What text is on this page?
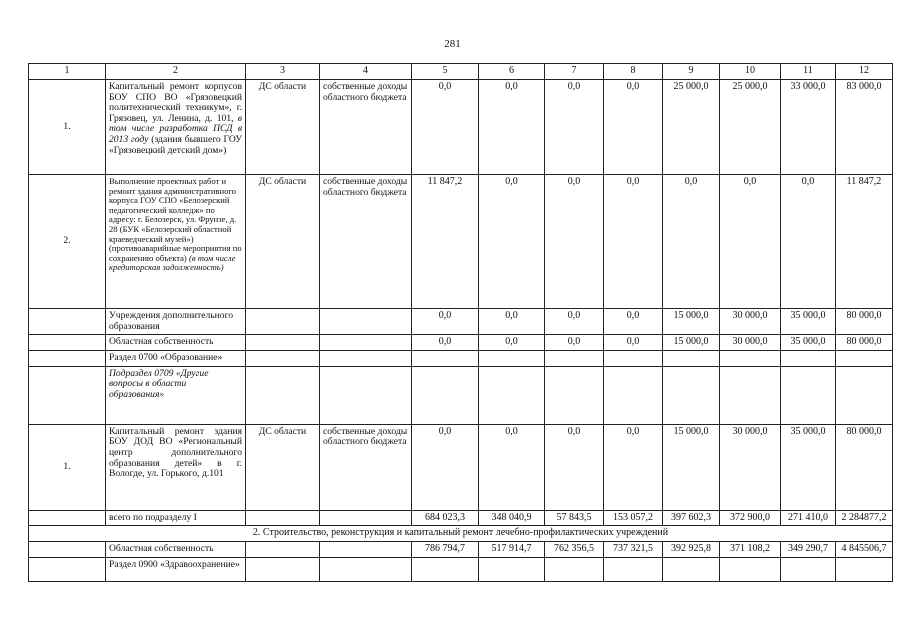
281
1	2	3	4	5	6	7	8	9	10	11	12
1.	Капитальный ремонт корпусов БОУ СПО ВО «Грязовецкий политехнический техникум», г. Грязовец, ул. Ленина, д. 101, в том числе разработка ПСД в 2013 году (здания бывшего ГОУ «Грязовецкий детский дом»)	ДС области	собственные доходы областного бюджета	0,0	0,0	0,0	0,0	25 000,0	25 000,0	33 000,0	83 000,0
2.	Выполнение проектных работ и ремонт здания административного корпуса ГОУ СПО «Белозерский педагогический колледж» по адресу: г. Белозерск, ул. Фрунзе, д. 28 (БУК «Белозерский областной краеведческий музей») (противоаварийные мероприятия по сохранению объекта) (в том числе кредиторская задолженность)	ДС области	собственные доходы областного бюджета	11 847,2	0,0	0,0	0,0	0,0	0,0	0,0	11 847,2
	Учреждения дополнительного образования			0,0	0,0	0,0	0,0	15 000,0	30 000,0	35 000,0	80 000,0
	Областная собственность			0,0	0,0	0,0	0,0	15 000,0	30 000,0	35 000,0	80 000,0
	Раздел 0700 «Образование»										
	Подраздел 0709 «Другие вопросы в области образования»										
1.	Капитальный ремонт здания БОУ ДОД ВО «Региональный центр дополнительного образования детей» в г. Вологде, ул. Горького, д.101	ДС области	собственные доходы областного бюджета	0,0	0,0	0,0	0,0	15 000,0	30 000,0	35 000,0	80 000,0
	всего по подразделу I			684 023,3	348 040,9	57 843,5	153 057,2	397 602,3	372 900,0	271 410,0	2 284877,2
2. Строительство, реконструкция и капитальный ремонт лечебно-профилактических учреждений											
	Областная собственность			786 794,7	517 914,7	762 356,5	737 321,5	392 925,8	371 108,2	349 290,7	4 845506,7
	Раздел 0900 «Здравоохранение»										
